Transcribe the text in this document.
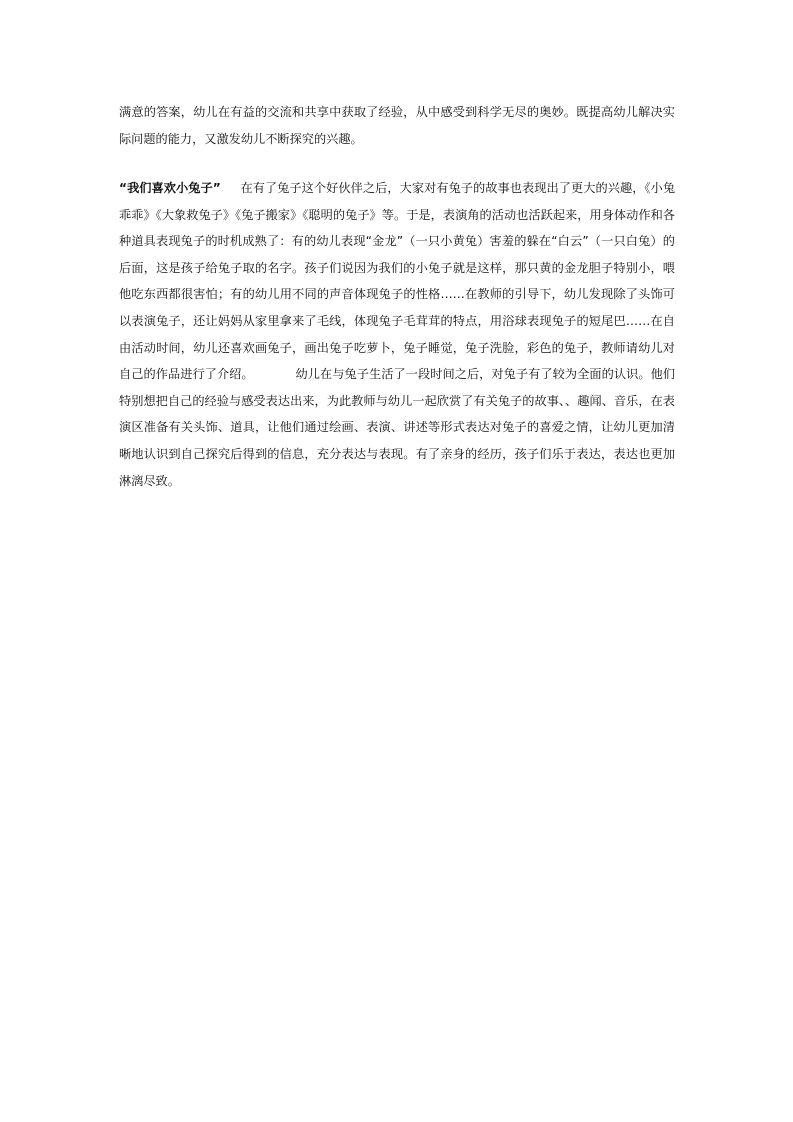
满意的答案，幼儿在有益的交流和共享中获取了经验，从中感受到科学无尽的奥妙。既提高幼儿解决实际问题的能力，又激发幼儿不断探究的兴趣。

“我们喜欢小兔子” 在有了兔子这个好伙伴之后，大家对有兔子的故事也表现出了更大的兴趣，《小兔乖乖》《大象救兔子》《兔子搬家》《聪明的兔子》等。于是，表演角的活动也活跃起来，用身体动作和各种道具表现兔子的时机成熟了：有的幼儿表现“金龙”（一只小黄兔）害羞的躲在“白云”（一只白兔）的后面，这是孩子给兔子取的名字。孩子们说因为我们的小兔子就是这样，那只黄的金龙胆子特别小，喂他吃东西都很害怕；有的幼儿用不同的声音体现兔子的性格……在教师的引导下，幼儿发现除了头饰可以表演兔子，还让妈妈从家里拿来了毛线，体现兔子毛茸茸的特点，用浴球表现兔子的短尾巴……在自由活动时间，幼儿还喜欢画兔子，画出兔子吃萝卜，兔子睡觉，兔子洗脸，彩色的兔子，教师请幼儿对自己的作品进行了介绍。	幼儿在与兔子生活了一段时间之后，对兔子有了较为全面的认识。他们特别想把自己的经验与感受表达出来，为此教师与幼儿一起欣赏了有关兔子的故事、、趣闻、音乐，在表演区准备有关头饰、道具，让他们通过绘画、表演、讲述等形式表达对兔子的喜爱之情，让幼儿更加清晰地认识到自己探究后得到的信息，充分表达与表现。有了亲身的经历，孩子们乐于表达，表达也更加淋漓尽致。
